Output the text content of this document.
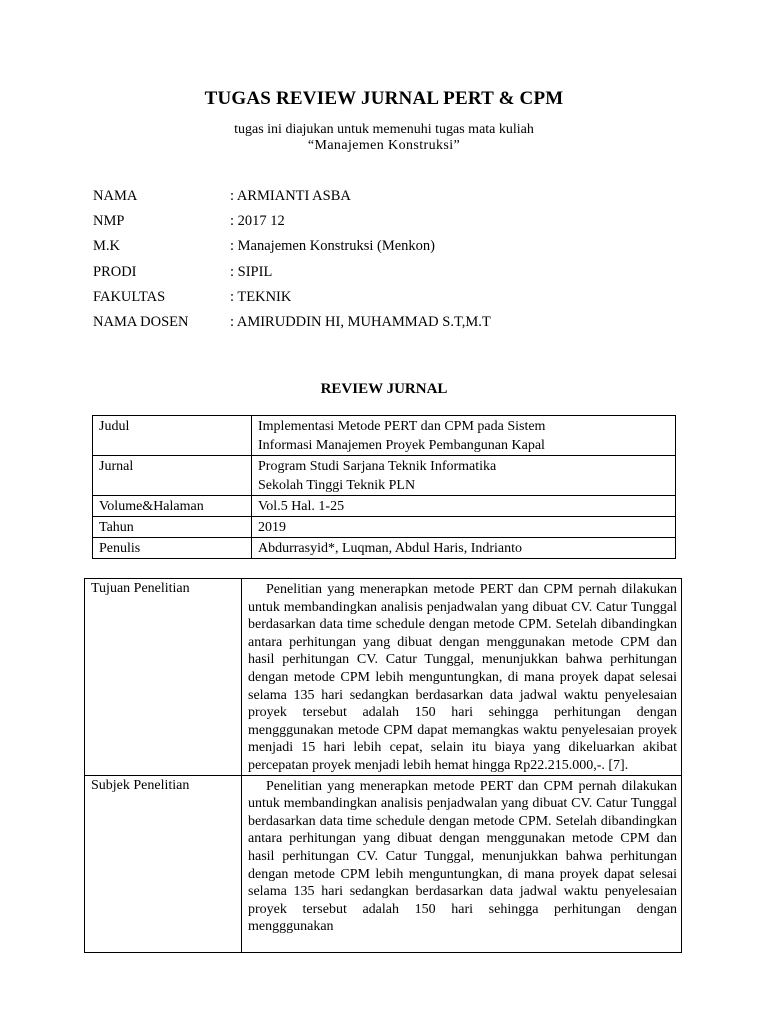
TUGAS REVIEW JURNAL PERT & CPM
tugas ini diajukan untuk memenuhi tugas mata kuliah
“Manajemen Konstruksi”
NAMA	: ARMIANTI ASBA
NMP	: 2017 12
M.K	: Manajemen Konstruksi (Menkon)
PRODI	: SIPIL
FAKULTAS	: TEKNIK
NAMA DOSEN	: AMIRUDDIN HI, MUHAMMAD S.T,M.T
REVIEW JURNAL
Judul	Implementasi Metode PERT dan CPM pada Sistem
Informasi Manajemen Proyek Pembangunan Kapal

Jurnal	Program Studi Sarjana Teknik Informatika
Sekolah Tinggi Teknik PLN

Volume&Halaman	Vol.5 Hal. 1-25
Tahun	2019
Penulis	Abdurrasyid*, Luqman, Abdul Haris, Indrianto
Tujuan Penelitian	Penelitian yang menerapkan metode PERT dan CPM pernah dilakukan untuk membandingkan analisis penjadwalan yang dibuat CV. Catur Tunggal berdasarkan data time schedule dengan metode CPM. Setelah dibandingkan antara perhitungan yang dibuat dengan menggunakan metode CPM dan hasil perhitungan CV. Catur Tunggal, menunjukkan bahwa perhitungan dengan metode CPM lebih menguntungkan, di mana proyek dapat selesai selama 135 hari sedangkan berdasarkan data jadwal waktu penyelesaian proyek tersebut adalah 150 hari sehingga perhitungan dengan mengggunakan metode CPM dapat memangkas waktu penyelesaian proyek menjadi 15 hari lebih cepat, selain itu biaya yang dikeluarkan akibat percepatan proyek menjadi lebih hemat hingga Rp22.215.000,-. [7].

Subjek Penelitian	Penelitian yang menerapkan metode PERT dan CPM pernah dilakukan untuk membandingkan analisis penjadwalan yang dibuat CV. Catur Tunggal berdasarkan data time schedule dengan metode CPM. Setelah dibandingkan antara perhitungan yang dibuat dengan menggunakan metode CPM dan hasil perhitungan CV. Catur Tunggal, menunjukkan bahwa perhitungan dengan metode CPM lebih menguntungkan, di mana proyek dapat selesai selama 135 hari sedangkan berdasarkan data jadwal waktu penyelesaian proyek tersebut adalah 150 hari sehingga perhitungan dengan mengggunakan
